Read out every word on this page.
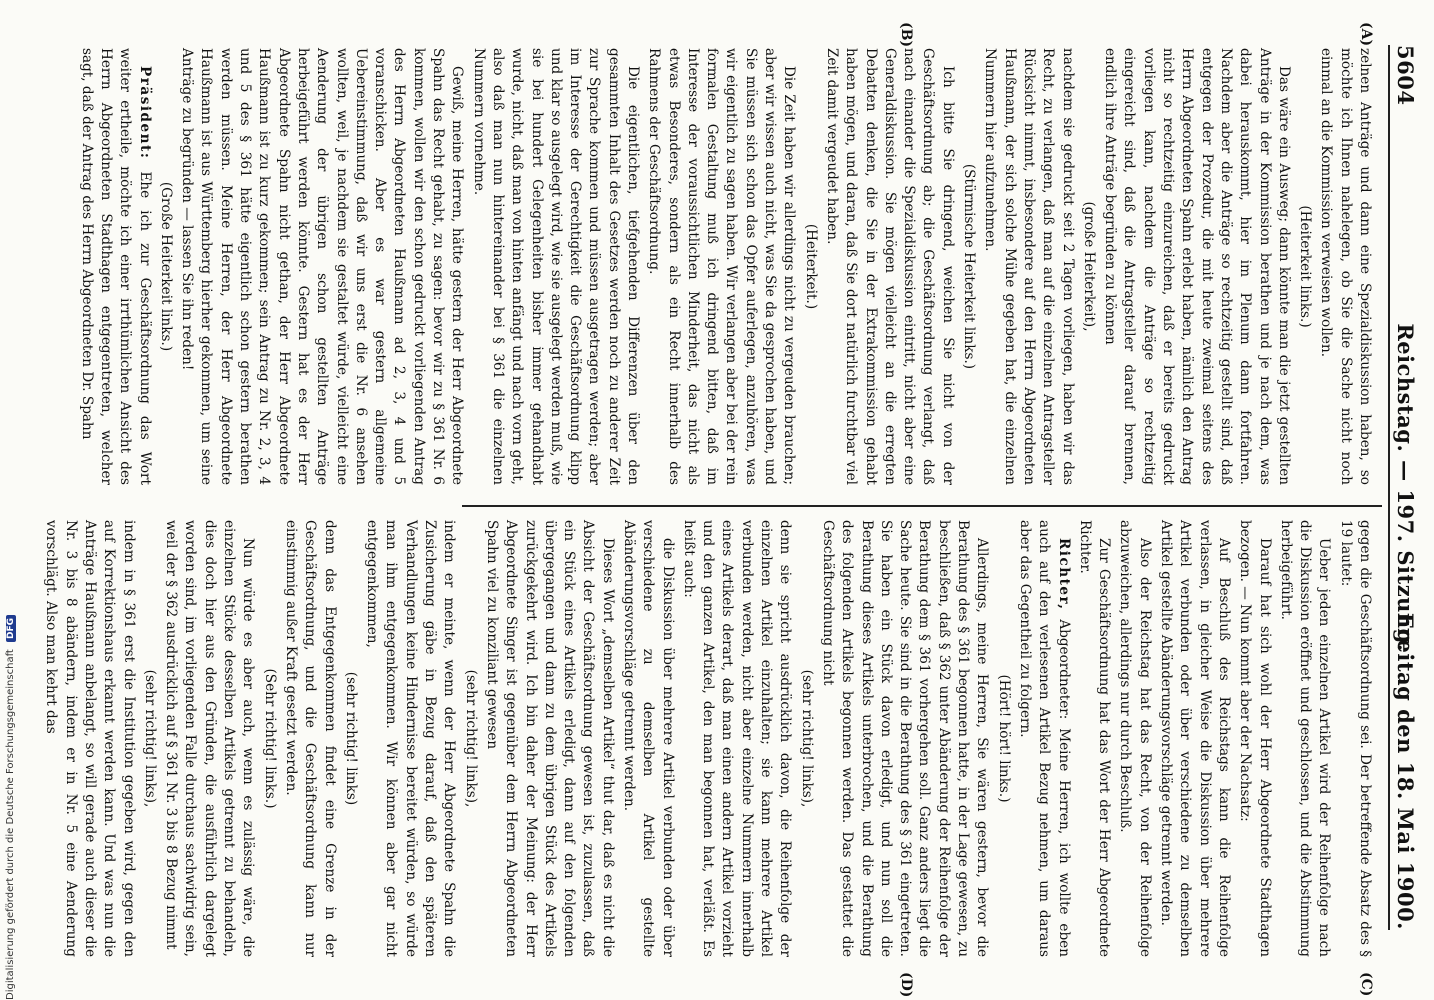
5604
Reichstag. — 197. Sitzung.
Freitag den 18. Mai 1900.
(A)
(B)
(C)
(D)

zelnen Anträge und dann eine Spezialdiskussion haben, so möchte ich Ihnen nahelegen, ob Sie die Sache nicht noch einmal an die Kommission verweisen wollen.

(Heiterkeit links.)

Das wäre ein Ausweg; dann könnte man die jetzt gestellten Anträge in der Kommission berathen und je nach dem, was dabei herauskommt, hier im Plenum dann fortfahren. Nachdem aber die Anträge so rechtzeitig gestellt sind, daß entgegen der Prozedur, die mit heute zweimal seitens des Herrn Abgeordneten Spahn erlebt haben, nämlich den Antrag nicht so rechtzeitig einzureichen, daß er bereits gedruckt vorliegen kann, nachdem die Anträge so rechtzeitig eingereicht sind, daß die Antragsteller darauf brennen, endlich ihre Anträge begründen zu können

(große Heiterkeit),

nachdem sie gedruckt seit 2 Tagen vorliegen, haben wir das Recht, zu verlangen, daß man auf die einzelnen Antragsteller Rücksicht nimmt, insbesondere auf den Herrn Abgeordneten Haußmann, der sich solche Mühe gegeben hat, die einzelnen Nummern hier aufzunehmen.

(Stürmische Heiterkeit links.)

Ich bitte Sie dringend, weichen Sie nicht von der Geschäftsordnung ab; die Geschäftsordnung verlangt, daß nach einander die Spezialdiskussion eintritt, nicht aber eine Generaldiskussion. Sie mögen vielleicht an die erregten Debatten denken, die Sie in der Extrakommission gehabt haben mögen, und daran, daß Sie dort natürlich furchtbar viel Zeit damit vergeudet haben.

(Heiterkeit.)

Die Zeit haben wir allerdings nicht zu vergeuden brauchen; aber wir wissen auch nicht, was Sie da gesprochen haben, und Sie müssen sich schon das Opfer auferlegen, anzuhören, was wir eigentlich zu sagen haben. Wir verlangen aber bei der rein formalen Gestaltung muß ich dringend bitten, daß im Interesse der voraussichtlichen Minderheit, das nicht als etwas Besonderes, sondern als ein Recht innerhalb des Rahmens der Geschäftsordnung.

Die eigentlichen, tiefgehenden Differenzen über den gesammten Inhalt des Gesetzes werden noch zu anderer Zeit zur Sprache kommen und müssen ausgetragen werden; aber im Interesse der Gerechtigkeit die Geschäftsordnung klipp und klar so ausgelegt wird, wie sie ausgelegt werden muß, wie sie bei hundert Gelegenheiten bisher immer gehandhabt wurde, nicht, daß man von hinten anfängt und nach vorn geht, also daß man nun hintereinander bei § 361 die einzelnen Nummern vornehme.

Gewiß, meine Herren, hätte gestern der Herr Abgeordnete Spahn das Recht gehabt, zu sagen: bevor wir zu § 361 Nr. 6 kommen, wollen wir den schon gedruckt vorliegenden Antrag des Herrn Abgeordneten Haußmann ad 2, 3, 4 und 5 voranschicken. Aber es war gestern allgemeine Uebereinstimmung, daß wir uns erst die Nr. 6 ansehen wollten, weil, je nachdem sie gestaltet würde, vielleicht eine Aenderung der übrigen schon gestellten Anträge herbeigeführt werden könnte. Gestern hat es der Herr Abgeordnete Spahn nicht gethan, der Herr Abgeordnete Haußmann ist zu kurz gekommen; sein Antrag zu Nr. 2, 3, 4 und 5 des § 361 hätte eigentlich schon gestern berathen werden müssen. Meine Herren, der Herr Abgeordnete Haußmann ist aus Württemberg hierher gekommen, um seine Anträge zu begründen — lassen Sie ihn reden!

(Große Heiterkeit links.)

Präsident: Ehe ich zur Geschäftsordnung das Wort weiter ertheile, möchte ich einer irrthümlichen Ansicht des Herrn Abgeordneten Stadthagen entgegentreten, welcher sagt, daß der Antrag des Herrn Abgeordneten Dr. Spahn

gegen die Geschäftsordnung sei. Der betreffende Absatz des § 19 lautet:

Ueber jeden einzelnen Artikel wird der Reihenfolge nach die Diskussion eröffnet und geschlossen, und die Abstimmung herbeigeführt.

Darauf hat sich wohl der Herr Abgeordnete Stadthagen bezogen. — Nun kommt aber der Nachsatz:

Auf Beschluß des Reichstags kann die Reihenfolge verlassen, in gleicher Weise die Diskussion über mehrere Artikel verbunden oder über verschiedene zu demselben Artikel gestellte Abänderungsvorschläge getrennt werden.

Also der Reichstag hat das Recht, von der Reihenfolge abzuweichen, allerdings nur durch Beschluß.

Zur Geschäftsordnung hat das Wort der Herr Abgeordnete Richter.

Richter, Abgeordneter: Meine Herren, ich wollte eben auch auf den verlesenen Artikel Bezug nehmen, um daraus aber das Gegentheil zu folgern.

(Hört! hört! links.)

Allerdings, meine Herren, Sie wären gestern, bevor die Berathung des § 361 begonnen hatte, in der Lage gewesen, zu beschließen, daß § 362 unter Abänderung der Reihenfolge der Berathung dem § 361 vorhergehen soll. Ganz anders liegt die Sache heute. Sie sind in die Berathung des § 361 eingetreten. Sie haben ein Stück davon erledigt, und nun soll die Berathung dieses Artikels unterbrochen, und die Berathung des folgenden Artikels begonnen werden. Das gestattet die Geschäftsordnung nicht

(sehr richtig! links),

denn sie spricht ausdrücklich davon, die Reihenfolge der einzelnen Artikel einzuhalten; sie kann mehrere Artikel verbunden werden, nicht aber einzelne Nummern innerhalb eines Artikels derart, daß man einen andern Artikel vorzieht und den ganzen Artikel, den man begonnen hat, verläßt. Es heißt auch:

die Diskussion über mehrere Artikel verbunden oder über verschiedene zu demselben Artikel gestellte Abänderungsvorschläge getrennt werden.

Dieses Wort „demselben Artikel“ thut dar, daß es nicht die Absicht der Geschäftsordnung gewesen ist, zuzulassen, daß ein Stück eines Artikels erledigt, dann auf den folgenden übergegangen und dann zu dem übrigen Stück des Artikels zurückgekehrt wird. Ich bin daher der Meinung: der Herr Abgeordnete Singer ist gegenüber dem Herrn Abgeordneten Spahn viel zu konziliant gewesen

(sehr richtig! links),

indem er meinte, wenn der Herr Abgeordnete Spahn die Zusicherung gäbe in Bezug darauf, daß den späteren Verhandlungen keine Hindernisse bereitet würden, so würde man ihm entgegenkommen. Wir können aber gar nicht entgegenkommen,

(sehr richtig! links)

denn das Entgegenkommen findet eine Grenze in der Geschäftsordnung, und die Geschäftsordnung kann nur einstimmig außer Kraft gesetzt werden.

(Sehr richtig! links.)

Nun würde es aber auch, wenn es zulässig wäre, die einzelnen Stücke desselben Artikels getrennt zu behandeln, dies doch hier aus den Gründen, die ausführlich dargelegt worden sind, im vorliegenden Falle durchaus sachwidrig sein, weil der § 362 ausdrücklich auf § 361 Nr. 3 bis 8 Bezug nimmt

(sehr richtig! links),

indem in § 361 erst die Institution gegeben wird, gegen den auf Korrektionshaus erkannt werden kann. Und was nun die Anträge Haußmann anbelangt, so will gerade auch dieser die Nr. 3 bis 8 abändern, indem er in Nr. 5 eine Aenderung vorschlägt. Also man kehrt das

Digitalisierung gefördert durch die Deutsche Forschungsgemeinschaft DFG
